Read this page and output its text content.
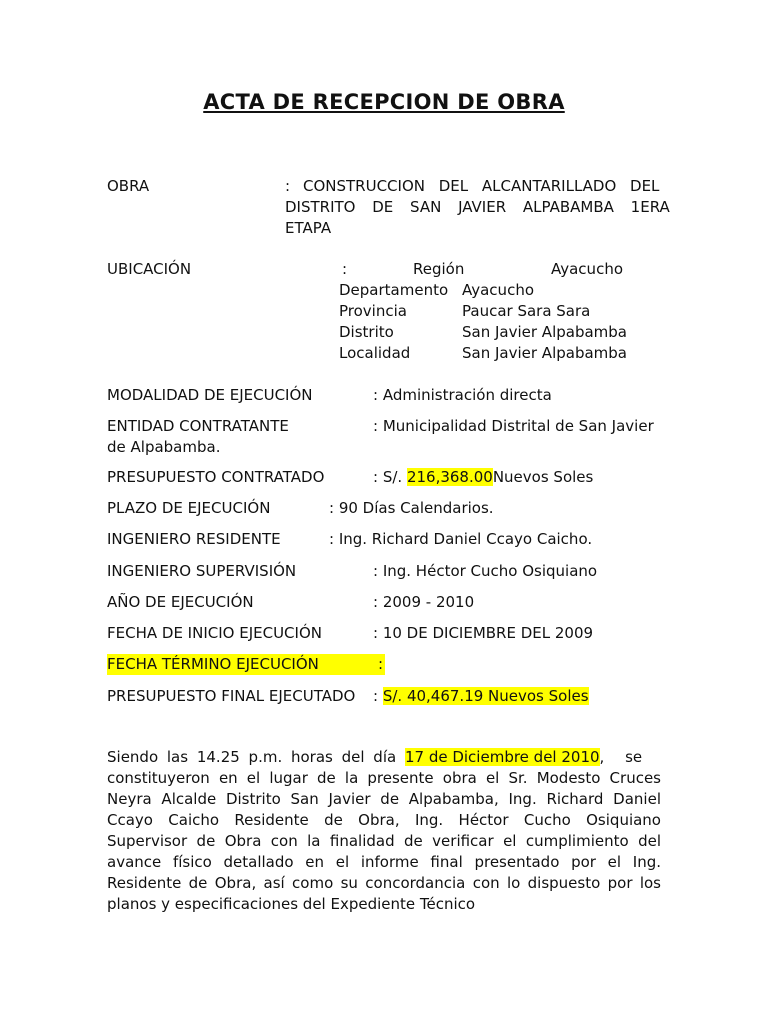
ACTA DE RECEPCION DE OBRA
OBRA	: CONSTRUCCION DEL ALCANTARILLADO DEL
DISTRITO DE SAN JAVIER ALPABAMBA 1ERA
ETAPA
UBICACIÓN	:	Región	Ayacucho
Departamento Ayacucho
Provincia	Paucar Sara Sara
Distrito	San Javier Alpabamba
Localidad	San Javier Alpabamba
MODALIDAD DE EJECUCIÓN	: Administración directa
ENTIDAD CONTRATANTE	: Municipalidad Distrital de San Javier
de Alpabamba.
PRESUPUESTO CONTRATADO	: S/. 216,368.00Nuevos Soles
PLAZO DE EJECUCIÓN	: 90 Días Calendarios.
INGENIERO RESIDENTE	: Ing. Richard Daniel Ccayo Caicho.
INGENIERO SUPERVISIÓN	: Ing. Héctor Cucho Osiquiano
AÑO DE EJECUCIÓN	: 2009 - 2010
FECHA DE INICIO EJECUCIÓN	: 10 DE DICIEMBRE DEL 2009
FECHA TÉRMINO EJECUCIÓN	:
PRESUPUESTO FINAL EJECUTADO : S/. 40,467.19 Nuevos Soles
Siendo las 14.25 p.m. horas del día 17 de Diciembre del 2010, se
constituyeron en el lugar de la presente obra el Sr. Modesto Cruces
Neyra Alcalde Distrito San Javier de Alpabamba, Ing. Richard Daniel
Ccayo Caicho Residente de Obra, Ing. Héctor Cucho Osiquiano
Supervisor de Obra con la finalidad de verificar el cumplimiento del
avance físico detallado en el informe final presentado por el Ing.
Residente de Obra, así como su concordancia con lo dispuesto por los
planos y especificaciones del Expediente Técnico
